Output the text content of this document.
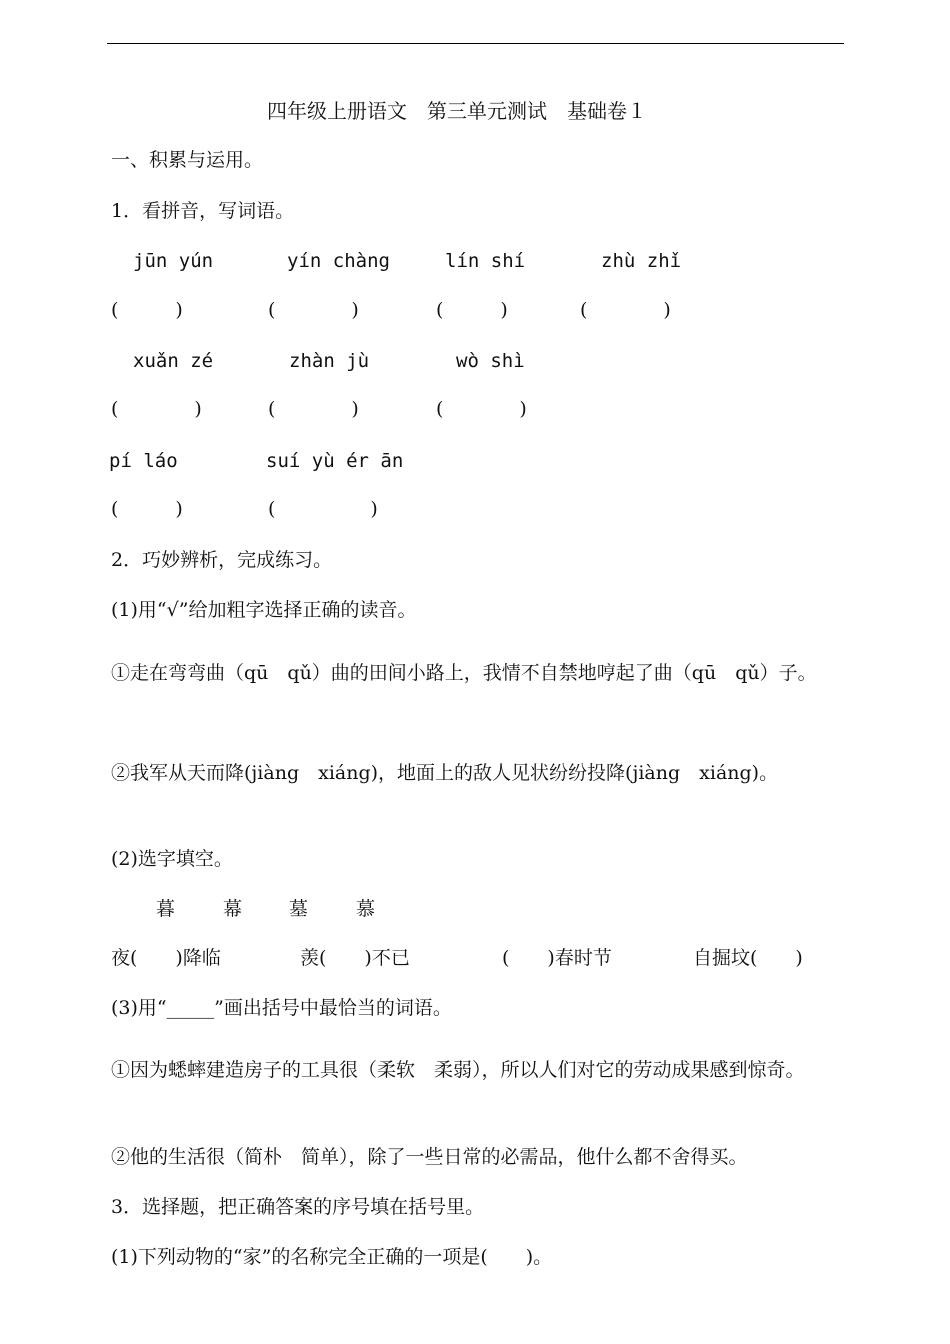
四年级上册语文　第三单元测试　基础卷１
一、积累与运用。
1．看拼音，写词语。
jūn yún	yín chàng	lín shí	zhù zhǐ
(　　　)	(　　　　)	(　　　)	(　　　　)
xuǎn zé	zhàn jù	wò shì
(　　　　)	(　　　　)	(　　　　)
pí láo	suí yù ér ān
(　　　)	(　　　　　)
2．巧妙辨析，完成练习。
(1)用“√”给加粗字选择正确的读音。
①走在弯弯曲（qū　qǔ）曲的田间小路上，我情不自禁地哼起了曲（qū　qǔ）子。
②我军从天而降(jiàng　xiáng)，地面上的敌人见状纷纷投降(jiàng　xiáng)。
(2)选字填空。
暮	幕 墓	慕
夜(　　)降临	羡(　　)不已	(　　)春时节	自掘坟(　　)
(3)用“_____”画出括号中最恰当的词语。
①因为蟋蟀建造房子的工具很（柔软　柔弱），所以人们对它的劳动成果感到惊奇。
②他的生活很（简朴　简单），除了一些日常的必需品，他什么都不舍得买。
3．选择题，把正确答案的序号填在括号里。
(1)下列动物的“家”的名称完全正确的一项是(　　)。
